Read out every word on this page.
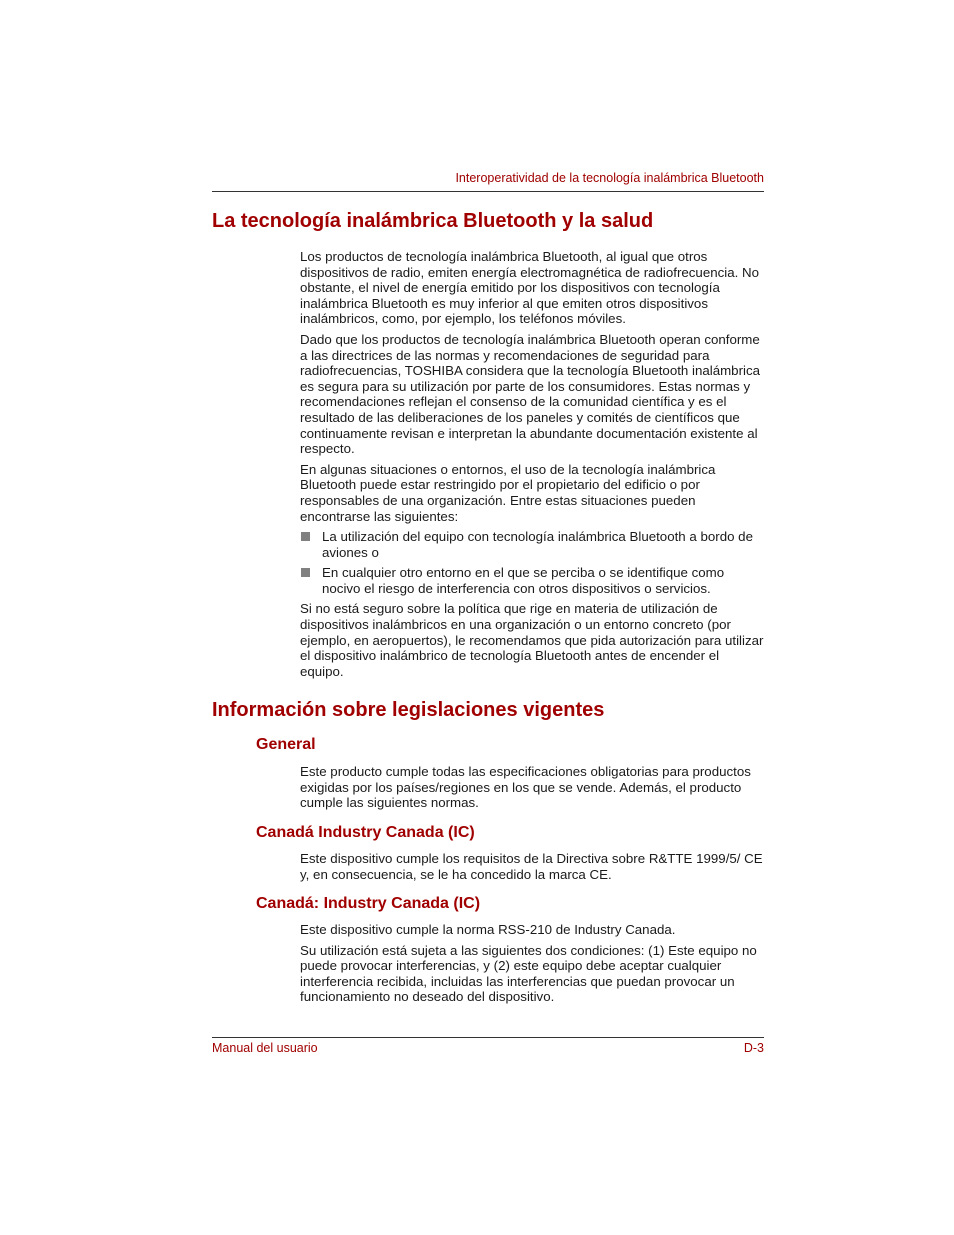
Interoperatividad de la tecnología inalámbrica Bluetooth
La tecnología inalámbrica Bluetooth y la salud

Los productos de tecnología inalámbrica Bluetooth, al igual que otros dispositivos de radio, emiten energía electromagnética de radiofrecuencia. No obstante, el nivel de energía emitido por los dispositivos con tecnología inalámbrica Bluetooth es muy inferior al que emiten otros dispositivos inalámbricos, como, por ejemplo, los teléfonos móviles.

Dado que los productos de tecnología inalámbrica Bluetooth operan conforme a las directrices de las normas y recomendaciones de seguridad para radiofrecuencias, TOSHIBA considera que la tecnología Bluetooth inalámbrica es segura para su utilización por parte de los consumidores. Estas normas y recomendaciones reflejan el consenso de la comunidad científica y es el resultado de las deliberaciones de los paneles y comités de científicos que continuamente revisan e interpretan la abundante documentación existente al respecto.

En algunas situaciones o entornos, el uso de la tecnología inalámbrica Bluetooth puede estar restringido por el propietario del edificio o por responsables de una organización. Entre estas situaciones pueden encontrarse las siguientes:

La utilización del equipo con tecnología inalámbrica Bluetooth a bordo de aviones o
En cualquier otro entorno en el que se perciba o se identifique como nocivo el riesgo de interferencia con otros dispositivos o servicios.

Si no está seguro sobre la política que rige en materia de utilización de dispositivos inalámbricos en una organización o un entorno concreto (por ejemplo, en aeropuertos), le recomendamos que pida autorización para utilizar el dispositivo inalámbrico de tecnología Bluetooth antes de encender el equipo.

Información sobre legislaciones vigentes
General

Este producto cumple todas las especificaciones obligatorias para productos exigidas por los países/regiones en los que se vende. Además, el producto cumple las siguientes normas.

Canadá Industry Canada (IC)

Este dispositivo cumple los requisitos de la Directiva sobre R&TTE 1999/5/ CE y, en consecuencia, se le ha concedido la marca CE.

Canadá: Industry Canada (IC)

Este dispositivo cumple la norma RSS-210 de Industry Canada.

Su utilización está sujeta a las siguientes dos condiciones: (1) Este equipo no puede provocar interferencias, y (2) este equipo debe aceptar cualquier interferencia recibida, incluidas las interferencias que puedan provocar un funcionamiento no deseado del dispositivo.

Manual del usuario	D-3
